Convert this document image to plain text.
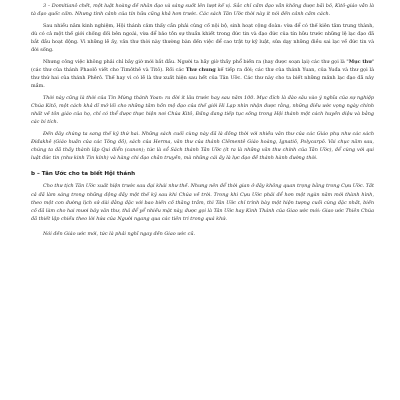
3 – Domitianô chết, một luật hoàng đế nhân đạo và sáng suốt lên lượt kế vị. Sắc chỉ cấm đạo vẫn không được bãi bỏ, Kitô-giáo vẫn là tà đạo quốc cấm. Nhưng tình cảnh của tín hữu cũng khả hơn trước. Các sách Tân Ước thời này ít nói đến cảnh cấm cách.

Sau nhiều năm kinh nghiệm, Hội thánh cảm thấy cần phải củng cố nội bộ, sinh hoạt cộng đoàn: vừa để có thế kiên tâm trung thành, dù có cả một thế giới chống đối bên ngoài, vừa để bảo tồn sự thuần khiết trong đức tin và đạo đức của tín hữu trước những lệ lạc đạo đã bắt đầu hoạt động. Vì những lẽ ấy, văn thư thời này thường bàn đến việc để cao trật tự kỷ luật, sửa dạy những điều sai lạc về đức tin và đời sống.

Nhưng công việc không phải chỉ bây giờ mới bắt đầu. Người ta hãy giờ thấy phổ biến ra (hay được soạn lại) các thư gọi là "Mục thư" (các thư của thánh Phaolô viết cho Timôthê và Titô). Rồi các Thư chung kế tiếp ra đời; các thư của thánh Yuan, của Yuđa và thư gọi là thư thứ hai của thánh Phêrô. Thế hay vì có lẽ là thư xuất hiện sau hết của Tân Ước. Các thư này cho ta biết những mảnh lạc đạo đã nảy mầm.

Thời này cũng là thời của Tin Mừng thánh Yoan: ra đời ít lâu trước hay sau năm 100. Mục đích là đào sâu vào ý nghĩa của sự nghiệp Chúa Kitô, một cách khả dĩ mở lối cho những tâm hồn mộ đạo của thế giới Hi Lạp nhìn nhận được rằng, những điều ước vọng ngày chính nhất về tôn giáo của họ, chỉ có thể được thực hiện nơi Chúa Kitô, Đấng đang tiếp tục sống trong Hội thánh một cách huyền diệu và bằng các bí tích.

Đến đây chúng ta sang thế kỷ thứ hai. Những sách cuối cùng này đã là đồng thời với nhiều văn thư của các Giáo phụ như các sách Điđakhê (Giáo huấn của các Tông đồ), sách của Herma, văn thư của thánh Clêmentê Giáo hoàng, Ignatiô, Polycarpô. Vài chục năm sau, chúng ta đã thấy thành lập Qui điển (canon); tức là sổ Sách thánh Tân Ước (ít ra là những văn thư chính của Tân Ước), để cùng với qui luật đức tin (như kinh Tin kính) và hàng chi đạo chân truyền, mà những cái ấy là lực đạo đề thánh hành đường thời.

b – Tân Ước cho ta biết Hội thánh

Cho thư tịch Tân Ước xuất hiện trước sau đại khái như thế. Nhưng nên để thời gian ở đây không quan trọng bằng trong Cựu Ước. Tất cả đã làm sáng trong những động đấy một thế kỷ sau khi Chúa về trời. Trong khi Cựu Ước phải để hơn một ngàn năm mới thành hình, theo một con đường lịch sử dài đằng đặc với bao biến cố thăng trầm, thì Tân Ước chỉ trình bày một hiện tượng cuối cùng đặc nhất, biến cố đã làm cho hai mươi bảy văn thư, thả để yể nhiều mặt này, được gọi là Tân Ước hay Kinh Thánh của Giao ước mới: Giao ước Thiên Chúa đã thiết lập chiếu theo lời hứa của Người ngang qua các tiên tri trong quá khứ.

Nói đến Giáo ước mới, tức là phải nghĩ ngay đến Giao ước cũ.
